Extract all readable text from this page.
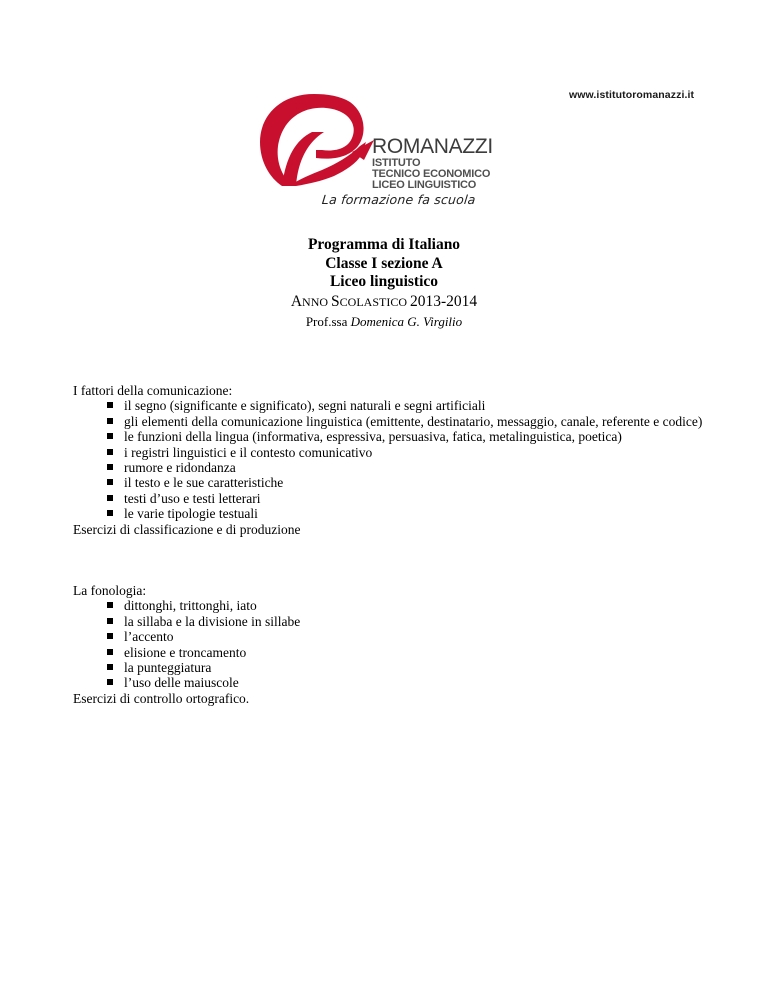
www.istitutoromanazzi.it
ROMANAZZI
ISTITUTO
TECNICO ECONOMICO
LICEO LINGUISTICO
La formazione fa scuola
Programma di Italiano
Classe I sezione A
Liceo linguistico
ANNO SCOLASTICO 2013-2014
Prof.ssa Domenica G. Virgilio

I fattori della comunicazione:

il segno (significante e significato), segni naturali e segni artificiali
gli elementi della comunicazione linguistica (emittente, destinatario, messaggio, canale, referente e codice)
le funzioni della lingua (informativa, espressiva, persuasiva, fatica, metalinguistica, poetica)
i registri linguistici e il contesto comunicativo
rumore e ridondanza
il testo e le sue caratteristiche
testi d’uso e testi letterari
le varie tipologie testuali

Esercizi di classificazione e di produzione

La fonologia:

dittonghi, trittonghi, iato
la sillaba e la divisione in sillabe
l’accento
elisione e troncamento
la punteggiatura
l’uso delle maiuscole

Esercizi di controllo ortografico.
